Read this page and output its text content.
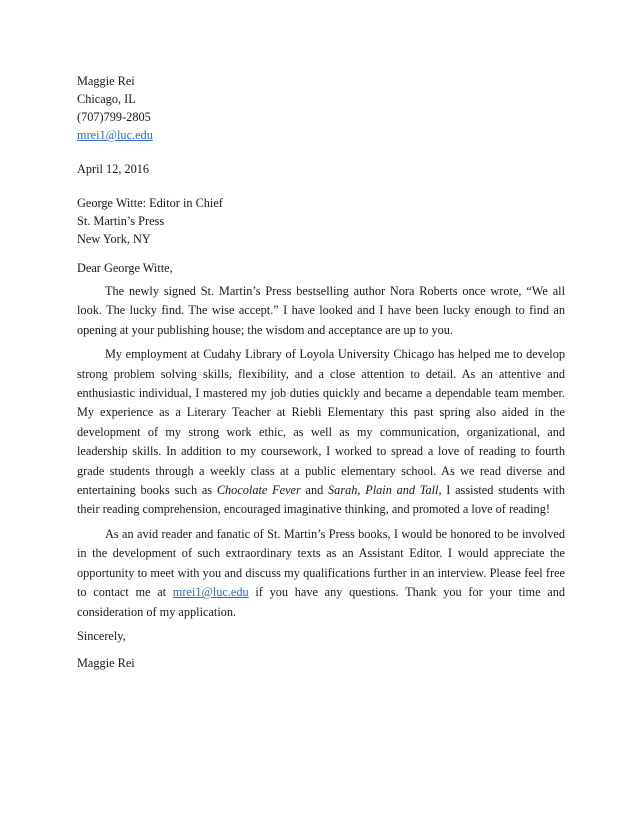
Maggie Rei
Chicago, IL
(707)799-2805
mrei1@luc.edu
April 12, 2016
George Witte: Editor in Chief
St. Martin’s Press
New York, NY

Dear George Witte,

The newly signed St. Martin’s Press bestselling author Nora Roberts once wrote, “We all look. The lucky find. The wise accept.” I have looked and I have been lucky enough to find an opening at your publishing house; the wisdom and acceptance are up to you.

My employment at Cudahy Library of Loyola University Chicago has helped me to develop strong problem solving skills, flexibility, and a close attention to detail. As an attentive and enthusiastic individual, I mastered my job duties quickly and became a dependable team member. My experience as a Literary Teacher at Riebli Elementary this past spring also aided in the development of my strong work ethic, as well as my communication, organizational, and leadership skills. In addition to my coursework, I worked to spread a love of reading to fourth grade students through a weekly class at a public elementary school. As we read diverse and entertaining books such as Chocolate Fever and Sarah, Plain and Tall, I assisted students with their reading comprehension, encouraged imaginative thinking, and promoted a love of reading!

As an avid reader and fanatic of St. Martin’s Press books, I would be honored to be involved in the development of such extraordinary texts as an Assistant Editor. I would appreciate the opportunity to meet with you and discuss my qualifications further in an interview. Please feel free to contact me at mrei1@luc.edu if you have any questions. Thank you for your time and consideration of my application.

Sincerely,

Maggie Rei
